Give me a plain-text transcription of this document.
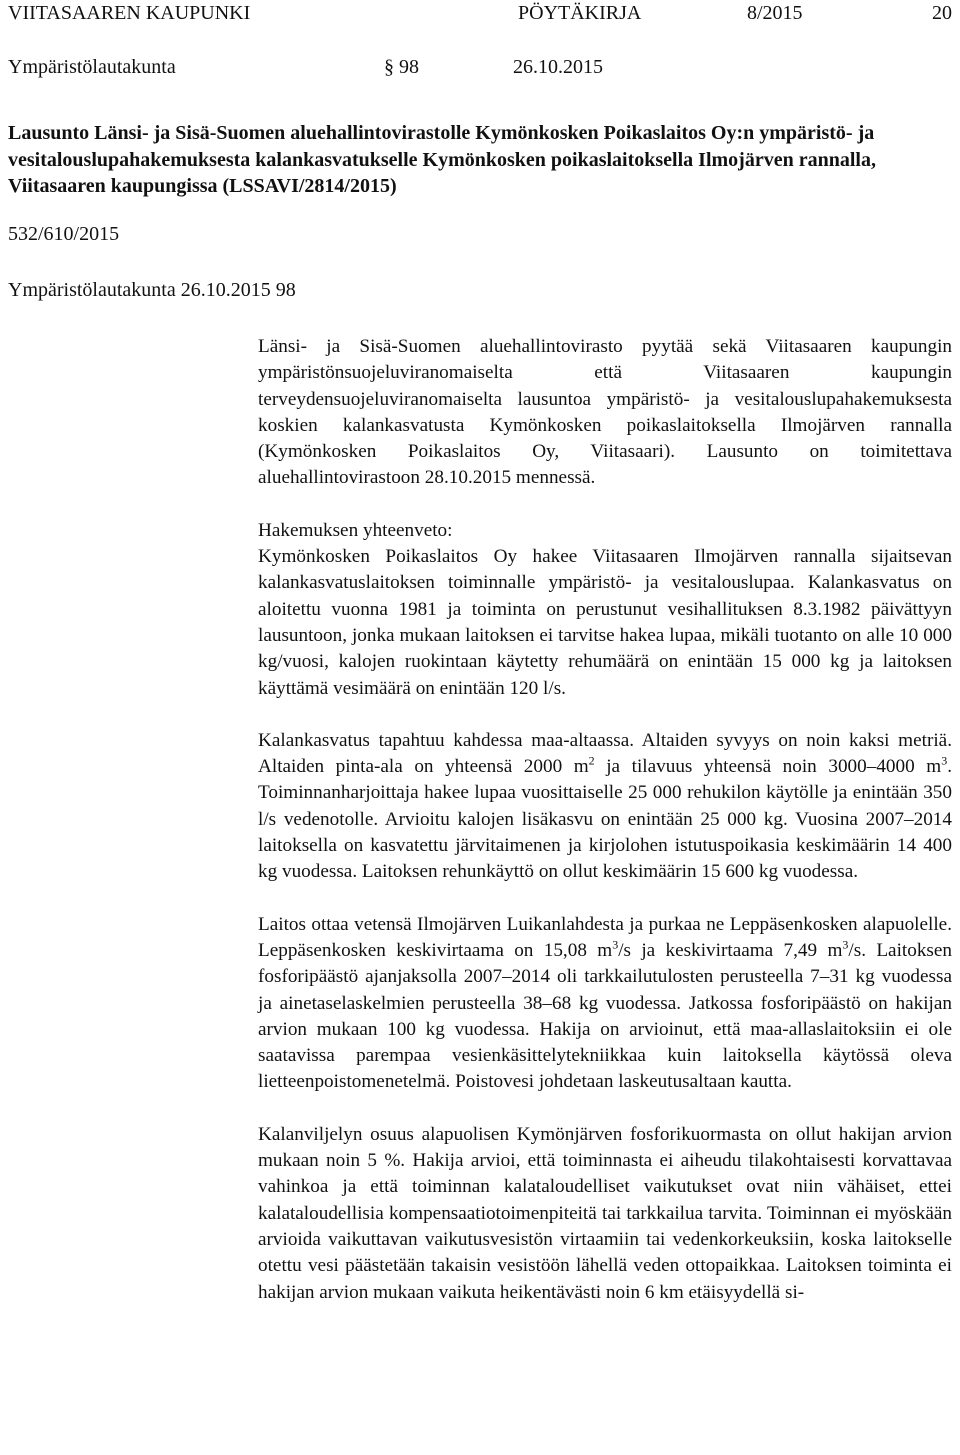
VIITASAAREN KAUPUNKI	PÖYTÄKIRJA	8/2015	20
Ympäristölautakunta	§ 98	26.10.2015
Lausunto Länsi- ja Sisä-Suomen aluehallintovirastolle Kymönkosken Poikaslaitos Oy:n ympäristö- ja vesitalouslupahakemuksesta kalankasvatukselle Kymönkosken poikaslaitoksella Ilmojärven rannalla, Viitasaaren kaupungissa (LSSAVI/2814/2015)
532/610/2015
Ympäristölautakunta 26.10.2015 98

Länsi- ja Sisä-Suomen aluehallintovirasto pyytää sekä Viitasaaren kaupungin ympäristönsuojeluviranomaiselta että Viitasaaren kaupungin terveydensuojeluviranomaiselta lausuntoa ympäristö- ja vesitalouslupahakemuksesta koskien kalankasvatusta Kymönkosken poikaslaitoksella Ilmojärven rannalla (Kymönkosken Poikaslaitos Oy, Viitasaari). Lausunto on toimitettava aluehallintovirastoon 28.10.2015 mennessä.

Hakemuksen yhteenveto:
Kymönkosken Poikaslaitos Oy hakee Viitasaaren Ilmojärven rannalla sijaitsevan kalankasvatuslaitoksen toiminnalle ympäristö- ja vesitalouslupaa. Kalankasvatus on aloitettu vuonna 1981 ja toiminta on perustunut vesihallituksen 8.3.1982 päivättyyn lausuntoon, jonka mukaan laitoksen ei tarvitse hakea lupaa, mikäli tuotanto on alle 10 000 kg/vuosi, kalojen ruokintaan käytetty rehumäärä on enintään 15 000 kg ja laitoksen käyttämä vesimäärä on enintään 120 l/s.

Kalankasvatus tapahtuu kahdessa maa-altaassa. Altaiden syvyys on noin kaksi metriä. Altaiden pinta-ala on yhteensä 2000 $m^2$ ja tilavuus yhteensä noin 3000–4000 $m^3$. Toiminnanharjoittaja hakee lupaa vuosittaiselle 25 000 rehukilon käytölle ja enintään 350 l/s vedenotolle. Arvioitu kalojen lisäkasvu on enintään 25 000 kg. Vuosina 2007–2014 laitoksella on kasvatettu järvitaimenen ja kirjolohen istutuspoikasia keskimäärin 14 400 kg vuodessa. Laitoksen rehunkäyttö on ollut keskimäärin 15 600 kg vuodessa.

Laitos ottaa vetensä Ilmojärven Luikanlahdesta ja purkaa ne Leppäsenkosken alapuolelle. Leppäsenkosken keskivirtaama on 15,08 $m^3/s$ ja keskivirtaama 7,49 $m^3/s$. Laitoksen fosforipäästö ajanjaksolla 2007–2014 oli tarkkailutulosten perusteella 7–31 kg vuodessa ja ainetaselaskelmien perusteella 38–68 kg vuodessa. Jatkossa fosforipäästö on hakijan arvion mukaan 100 kg vuodessa. Hakija on arvioinut, että maa-allaslaitoksiin ei ole saatavissa parempaa vesienkäsittelytekniikkaa kuin laitoksella käytössä oleva lietteenpoistomenetelmä. Poistovesi johdetaan laskeutusaltaan kautta.

Kalanviljelyn osuus alapuolisen Kymönjärven fosforikuormasta on ollut hakijan arvion mukaan noin 5 %. Hakija arvioi, että toiminnasta ei aiheudu tilakohtaisesti korvattavaa vahinkoa ja että toiminnan kalataloudelliset vaikutukset ovat niin vähäiset, ettei kalataloudellisia kompensaatiotoimenpiteitä tai tarkkailua tarvita. Toiminnan ei myöskään arvioida vaikuttavan vaikutusvesistön virtaamiin tai vedenkorkeuksiin, koska laitokselle otettu vesi päästetään takaisin vesistöön lähellä veden ottopaikkaa. Laitoksen toiminta ei hakijan arvion mukaan vaikuta heikentävästi noin 6 km etäisyydellä si-
